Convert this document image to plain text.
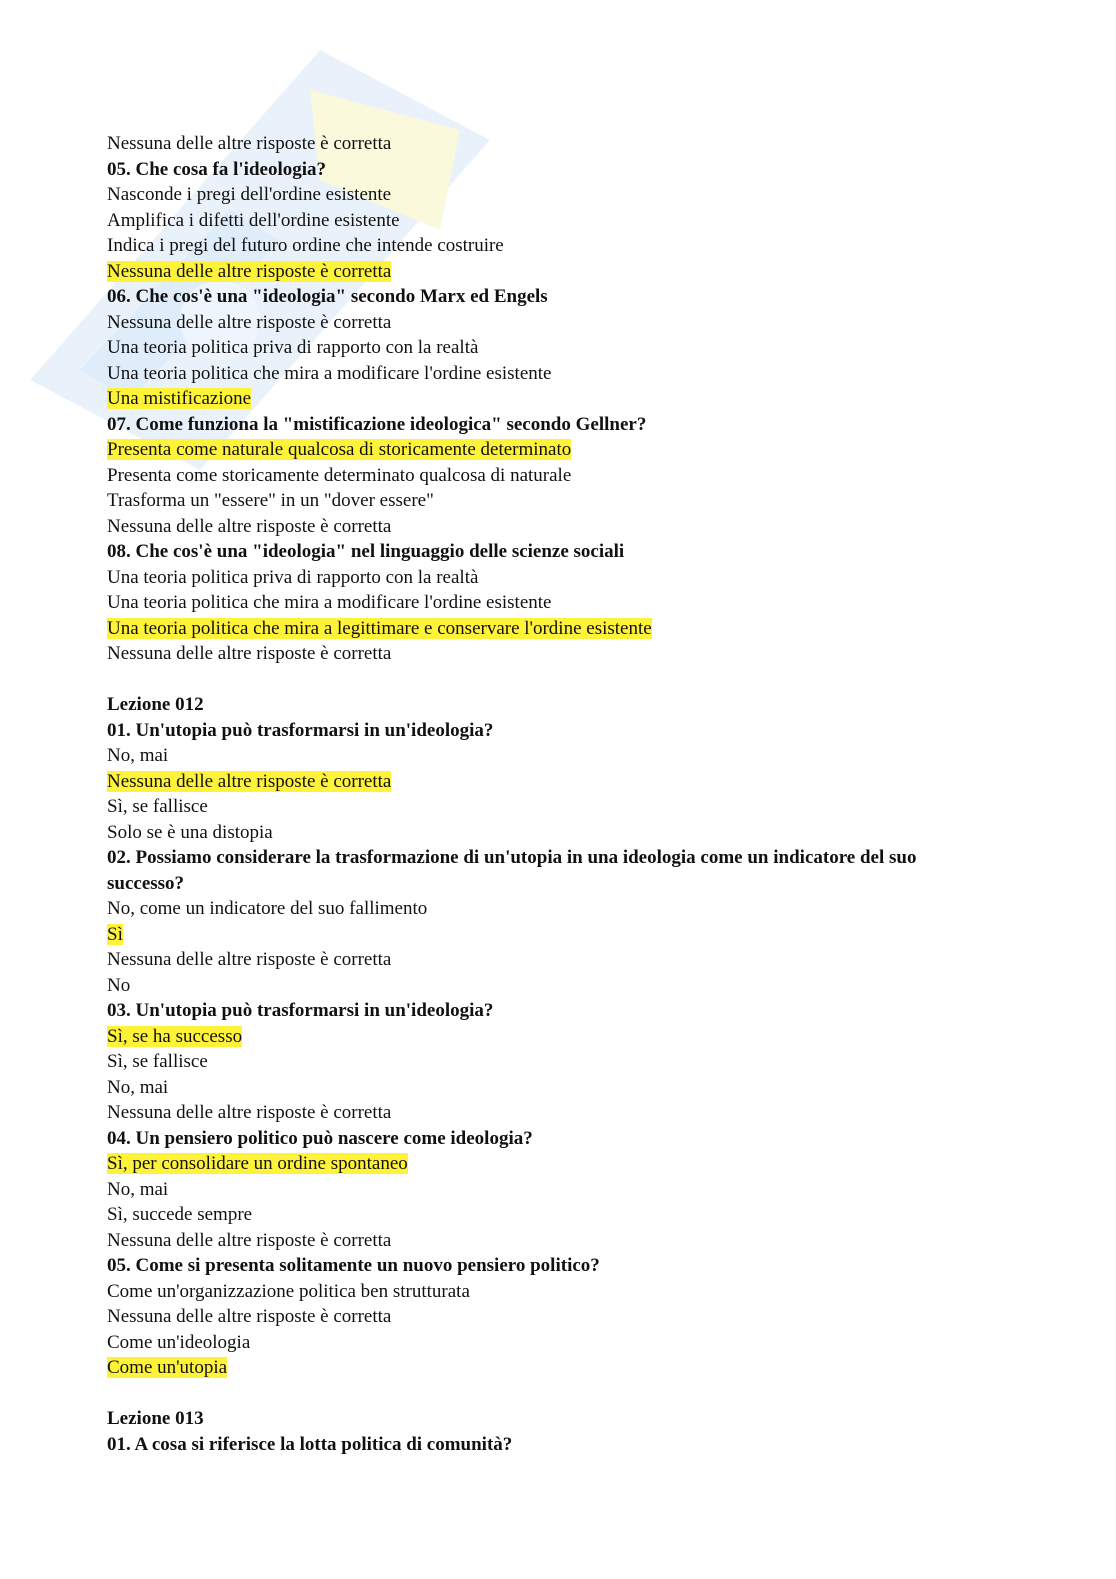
Nessuna delle altre risposte è corretta
05. Che cosa fa l'ideologia?
Nasconde i pregi dell'ordine esistente
Amplifica i difetti dell'ordine esistente
Indica i pregi del futuro ordine che intende costruire
Nessuna delle altre risposte è corretta
06. Che cos'è una "ideologia" secondo Marx ed Engels
Nessuna delle altre risposte è corretta
Una teoria politica priva di rapporto con la realtà
Una teoria politica che mira a modificare l'ordine esistente
Una mistificazione
07. Come funziona la "mistificazione ideologica" secondo Gellner?
Presenta come naturale qualcosa di storicamente determinato
Presenta come storicamente determinato qualcosa di naturale
Trasforma un "essere" in un "dover essere"
Nessuna delle altre risposte è corretta
08. Che cos'è una "ideologia" nel linguaggio delle scienze sociali
Una teoria politica priva di rapporto con la realtà
Una teoria politica che mira a modificare l'ordine esistente
Una teoria politica che mira a legittimare e conservare l'ordine esistente
Nessuna delle altre risposte è corretta
Lezione 012
01. Un'utopia può trasformarsi in un'ideologia?
No, mai
Nessuna delle altre risposte è corretta
Sì, se fallisce
Solo se è una distopia
02. Possiamo considerare la trasformazione di un'utopia in una ideologia come un indicatore del suo successo?
No, come un indicatore del suo fallimento
Sì
Nessuna delle altre risposte è corretta
No
03. Un'utopia può trasformarsi in un'ideologia?
Sì, se ha successo
Sì, se fallisce
No, mai
Nessuna delle altre risposte è corretta
04. Un pensiero politico può nascere come ideologia?
Sì, per consolidare un ordine spontaneo
No, mai
Sì, succede sempre
Nessuna delle altre risposte è corretta
05. Come si presenta solitamente un nuovo pensiero politico?
Come un'organizzazione politica ben strutturata
Nessuna delle altre risposte è corretta
Come un'ideologia
Come un'utopia
Lezione 013
01. A cosa si riferisce la lotta politica di comunità?
